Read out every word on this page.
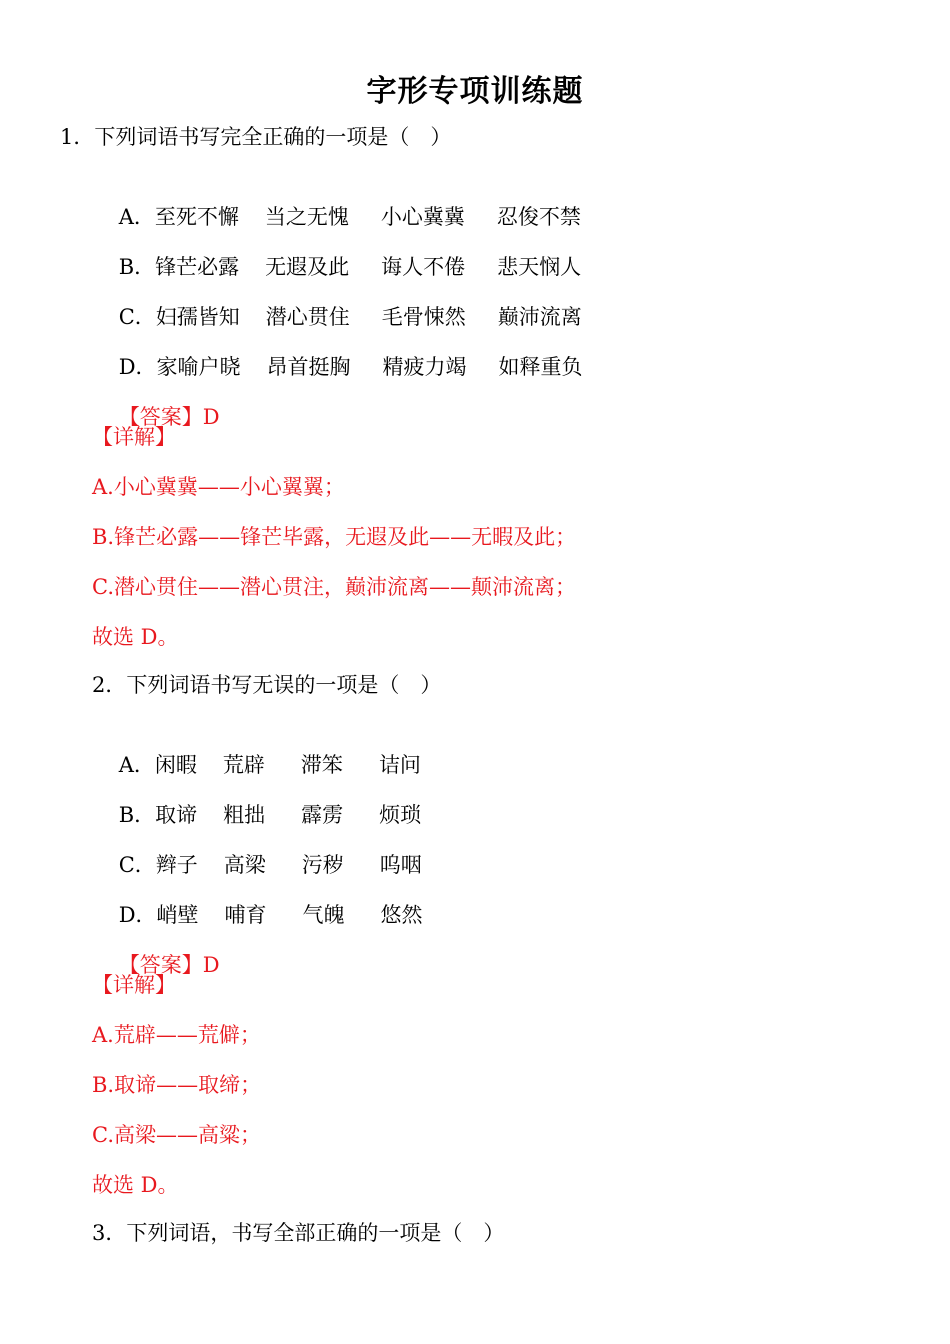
字形专项训练题
1．下列词语书写完全正确的一项是（　）

A．至死不懈 当之无愧 小心冀冀 忍俊不禁

B．锋芒必露 无遐及此 诲人不倦 悲天悯人

C．妇孺皆知 潜心贯住 毛骨悚然 巅沛流离

D．家喻户晓 昂首挺胸 精疲力竭 如释重负

【答案】D

【详解】
A.小心冀冀——小心翼翼；
B.锋芒必露——锋芒毕露，无遐及此——无暇及此；
C.潜心贯住——潜心贯注，巅沛流离——颠沛流离；
故选 D。
2．下列词语书写无误的一项是（　）

A．闲暇 荒辟 滞笨 诘问

B．取谛 粗拙 霹雳 烦琐

C．辫子 高梁 污秽 呜咽

D．峭壁 哺育 气魄 悠然

【答案】D

【详解】
A.荒辟——荒僻；
B.取谛——取缔；
C.高梁——高粱；
故选 D。
3．下列词语，书写全部正确的一项是（　）
